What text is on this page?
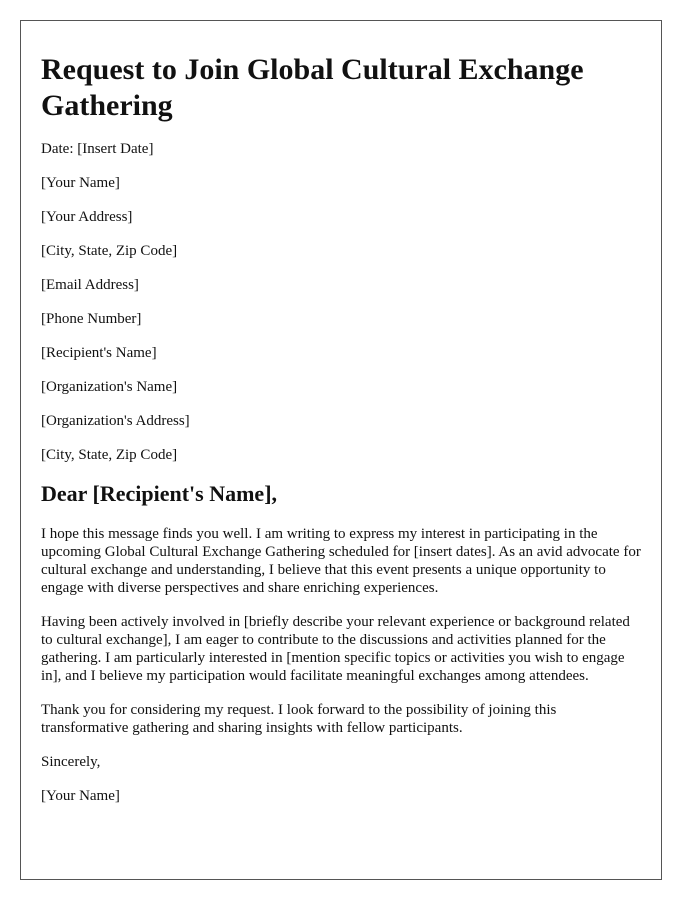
Request to Join Global Cultural Exchange Gathering

Date: [Insert Date]

[Your Name]

[Your Address]

[City, State, Zip Code]

[Email Address]

[Phone Number]

[Recipient's Name]

[Organization's Name]

[Organization's Address]

[City, State, Zip Code]

Dear [Recipient's Name],

I hope this message finds you well. I am writing to express my interest in participating in the upcoming Global Cultural Exchange Gathering scheduled for [insert dates]. As an avid advocate for cultural exchange and understanding, I believe that this event presents a unique opportunity to engage with diverse perspectives and share enriching experiences.

Having been actively involved in [briefly describe your relevant experience or background related to cultural exchange], I am eager to contribute to the discussions and activities planned for the gathering. I am particularly interested in [mention specific topics or activities you wish to engage in], and I believe my participation would facilitate meaningful exchanges among attendees.

Thank you for considering my request. I look forward to the possibility of joining this transformative gathering and sharing insights with fellow participants.

Sincerely,

[Your Name]
